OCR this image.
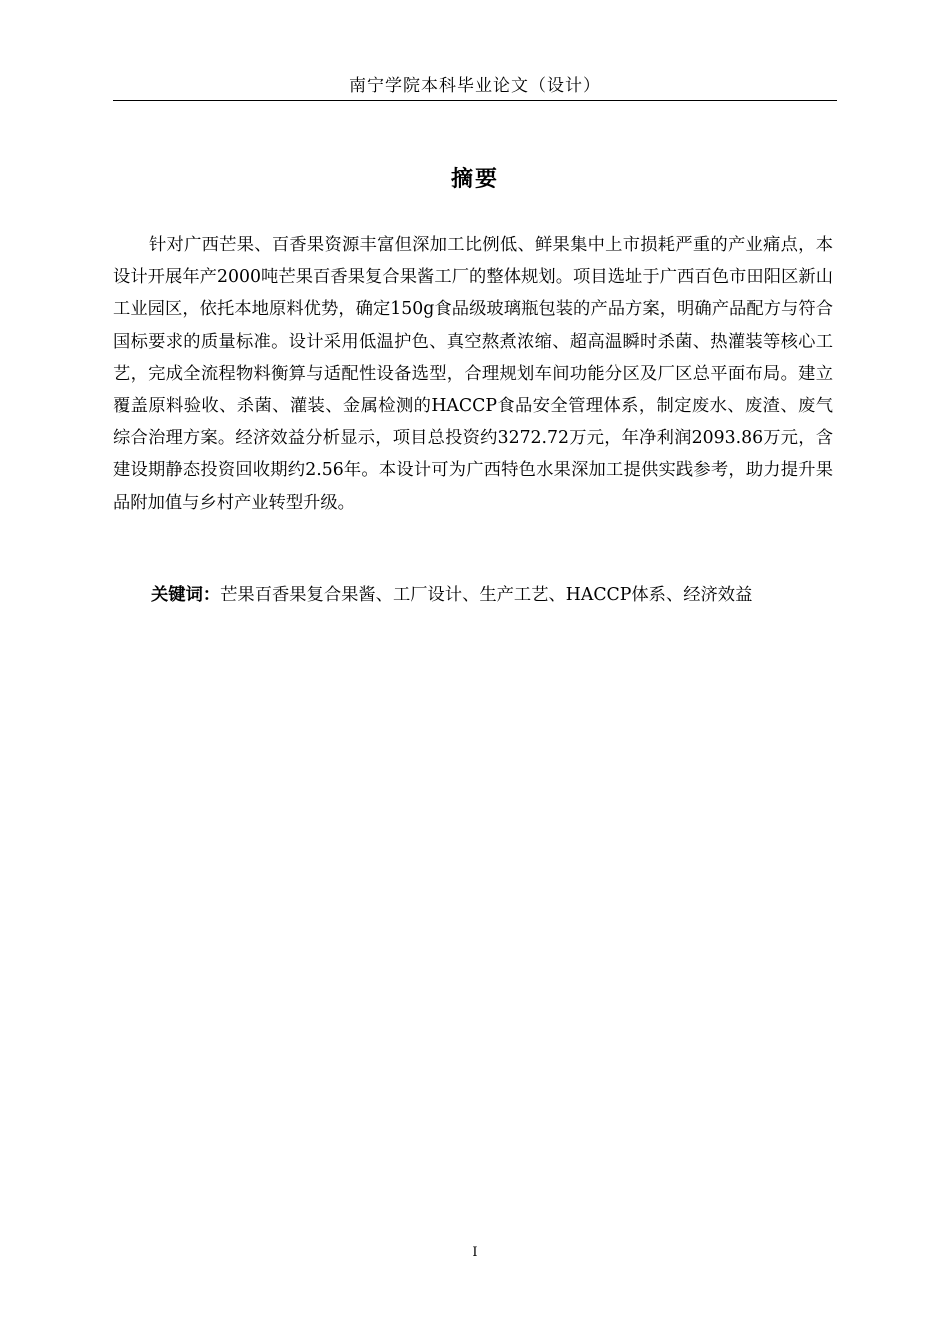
南宁学院本科毕业论文（设计）
摘要

针对广西芒果、百香果资源丰富但深加工比例低、鲜果集中上市损耗严重的产业痛点，本设计开展年产2000吨芒果百香果复合果酱工厂的整体规划。项目选址于广西百色市田阳区新山工业园区，依托本地原料优势，确定150g食品级玻璃瓶包装的产品方案，明确产品配方与符合国标要求的质量标准。设计采用低温护色、真空熬煮浓缩、超高温瞬时杀菌、热灌装等核心工艺，完成全流程物料衡算与适配性设备选型，合理规划车间功能分区及厂区总平面布局。建立覆盖原料验收、杀菌、灌装、金属检测的HACCP食品安全管理体系，制定废水、废渣、废气综合治理方案。经济效益分析显示，项目总投资约3272.72万元，年净利润2093.86万元，含建设期静态投资回收期约2.56年。本设计可为广西特色水果深加工提供实践参考，助力提升果品附加值与乡村产业转型升级。

关键词：芒果百香果复合果酱、工厂设计、生产工艺、HACCP体系、经济效益
I
